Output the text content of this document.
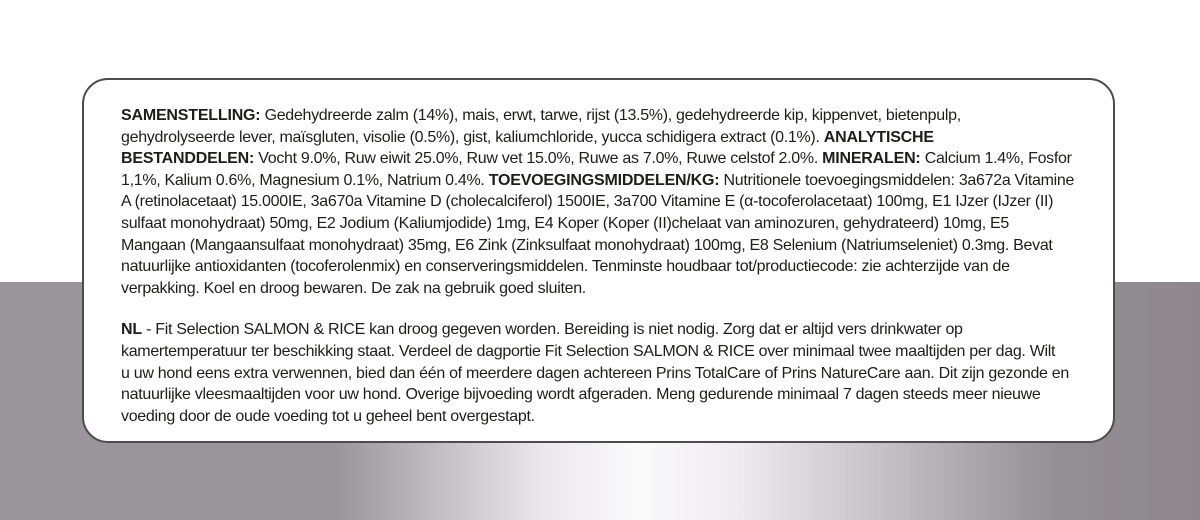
SAMENSTELLING: Gedehydreerde zalm (14%), mais, erwt, tarwe, rijst (13.5%), gedehydreerde kip, kippenvet, bietenpulp,
gehydrolyseerde lever, maïsgluten, visolie (0.5%), gist, kaliumchloride, yucca schidigera extract (0.1%). ANALYTISCHE
BESTANDDELEN: Vocht 9.0%, Ruw eiwit 25.0%, Ruw vet 15.0%, Ruwe as 7.0%, Ruwe celstof 2.0%. MINERALEN: Calcium 1.4%, Fosfor
1,1%, Kalium 0.6%, Magnesium 0.1%, Natrium 0.4%. TOEVOEGINGSMIDDELEN/KG: Nutritionele toevoegingsmiddelen: 3a672a Vitamine
A (retinolacetaat) 15.000IE, 3a670a Vitamine D (cholecalciferol) 1500IE, 3a700 Vitamine E (α-tocoferolacetaat) 100mg, E1 IJzer (IJzer (II)
sulfaat monohydraat) 50mg, E2 Jodium (Kaliumjodide) 1mg, E4 Koper (Koper (II)chelaat van aminozuren, gehydrateerd) 10mg, E5
Mangaan (Mangaansulfaat monohydraat) 35mg, E6 Zink (Zinksulfaat monohydraat) 100mg, E8 Selenium (Natriumseleniet) 0.3mg. Bevat
natuurlijke antioxidanten (tocoferolenmix) en conserveringsmiddelen. Tenminste houdbaar tot/productiecode: zie achterzijde van de
verpakking. Koel en droog bewaren. De zak na gebruik goed sluiten.
NL - Fit Selection SALMON & RICE kan droog gegeven worden. Bereiding is niet nodig. Zorg dat er altijd vers drinkwater op
kamertemperatuur ter beschikking staat. Verdeel de dagportie Fit Selection SALMON & RICE over minimaal twee maaltijden per dag. Wilt
u uw hond eens extra verwennen, bied dan één of meerdere dagen achtereen Prins TotalCare of Prins NatureCare aan. Dit zijn gezonde en
natuurlijke vleesmaaltijden voor uw hond. Overige bijvoeding wordt afgeraden. Meng gedurende minimaal 7 dagen steeds meer nieuwe
voeding door de oude voeding tot u geheel bent overgestapt.
